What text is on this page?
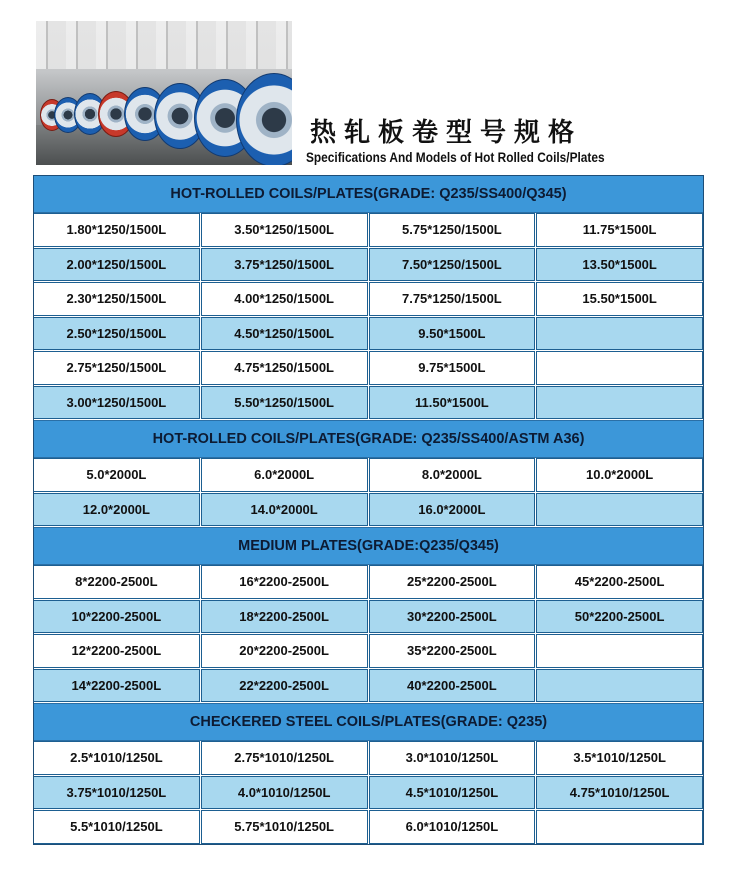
热轧板卷型号规格
Specifications And Models of Hot Rolled Coils/Plates
HOT-ROLLED COILS/PLATES(GRADE: Q235/SS400/Q345)
1.80*1250/1500L	3.50*1250/1500L	5.75*1250/1500L	11.75*1500L
2.00*1250/1500L	3.75*1250/1500L	7.50*1250/1500L	13.50*1500L
2.30*1250/1500L	4.00*1250/1500L	7.75*1250/1500L	15.50*1500L
2.50*1250/1500L	4.50*1250/1500L	9.50*1500L
2.75*1250/1500L	4.75*1250/1500L	9.75*1500L
3.00*1250/1500L	5.50*1250/1500L	11.50*1500L
HOT-ROLLED COILS/PLATES(GRADE: Q235/SS400/ASTM A36)
5.0*2000L	6.0*2000L	8.0*2000L	10.0*2000L
12.0*2000L	14.0*2000L	16.0*2000L
MEDIUM PLATES(GRADE:Q235/Q345)
8*2200-2500L	16*2200-2500L	25*2200-2500L	45*2200-2500L
10*2200-2500L	18*2200-2500L	30*2200-2500L	50*2200-2500L
12*2200-2500L	20*2200-2500L	35*2200-2500L
14*2200-2500L	22*2200-2500L	40*2200-2500L
CHECKERED STEEL COILS/PLATES(GRADE: Q235)
2.5*1010/1250L	2.75*1010/1250L	3.0*1010/1250L	3.5*1010/1250L
3.75*1010/1250L	4.0*1010/1250L	4.5*1010/1250L	4.75*1010/1250L
5.5*1010/1250L	5.75*1010/1250L	6.0*1010/1250L
